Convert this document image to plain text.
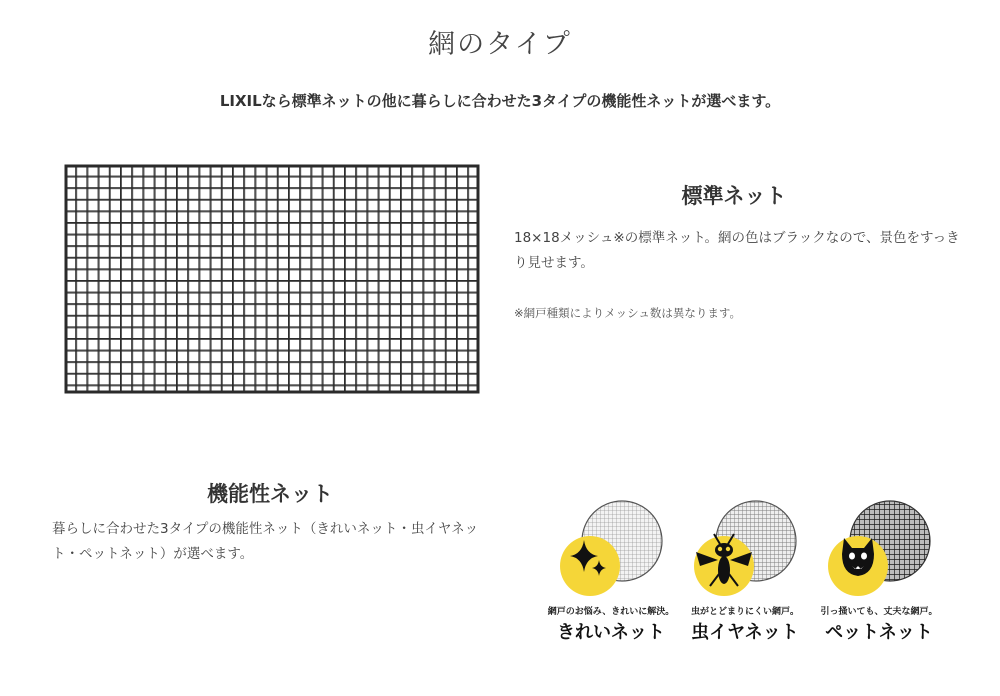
網のタイプ
LIXILなら標準ネットの他に暮らしに合わせた3タイプの機能性ネットが選べます。
標準ネット
18×18メッシュ※の標準ネット。網の色はブラックなので、景色をすっきり見せます。
※網戸種類によりメッシュ数は異なります。
機能性ネット
暮らしに合わせた3タイプの機能性ネット（きれいネット・虫イヤネット・ペットネット）が選べます。
網戸のお悩み、きれいに解決。
きれいネット
虫がとどまりにくい網戸。
虫イヤネット
引っ掻いても、丈夫な網戸。
ペットネット
